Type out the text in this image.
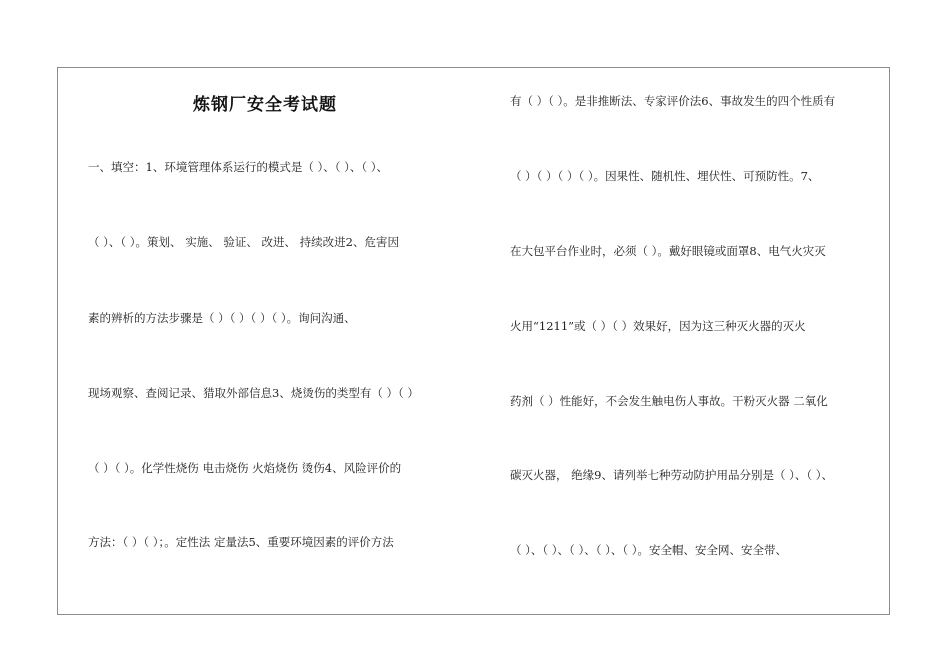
炼钢厂安全考试题
一、填空：1、环境管理体系运行的模式是（ ）、（ ）、（ ）、
（ ）、（ ）。策划、 实施、 验证、 改进、 持续改进2、危害因
素的辨析的方法步骤是（ ）（ ）（ ）（ ）。询问沟通、
现场观察、查阅记录、猎取外部信息3、烧烫伤的类型有（ ）（ ）
（ ）（ ）。化学性烧伤 电击烧伤 火焰烧伤 烫伤4、风险评价的
方法：（ ）（ ）；。定性法 定量法5、重要环境因素的评价方法
有（ ）（ ）。是非推断法、专家评价法6、事故发生的四个性质有
（ ）（ ）（ ）（ ）。因果性、随机性、埋伏性、可预防性。7、
在大包平台作业时，必须（ ）。戴好眼镜或面罩8、电气火灾灭
火用“1211”或（ ）（ ）效果好，因为这三种灭火器的灭火
药剂（ ）性能好，不会发生触电伤人事故。干粉灭火器 二氧化
碳灭火器， 绝缘9、请列举七种劳动防护用品分别是（ ）、（ ）、
（ ）、（ ）、（ ）、（ ）、（ ）。安全帽、安全网、安全带、
